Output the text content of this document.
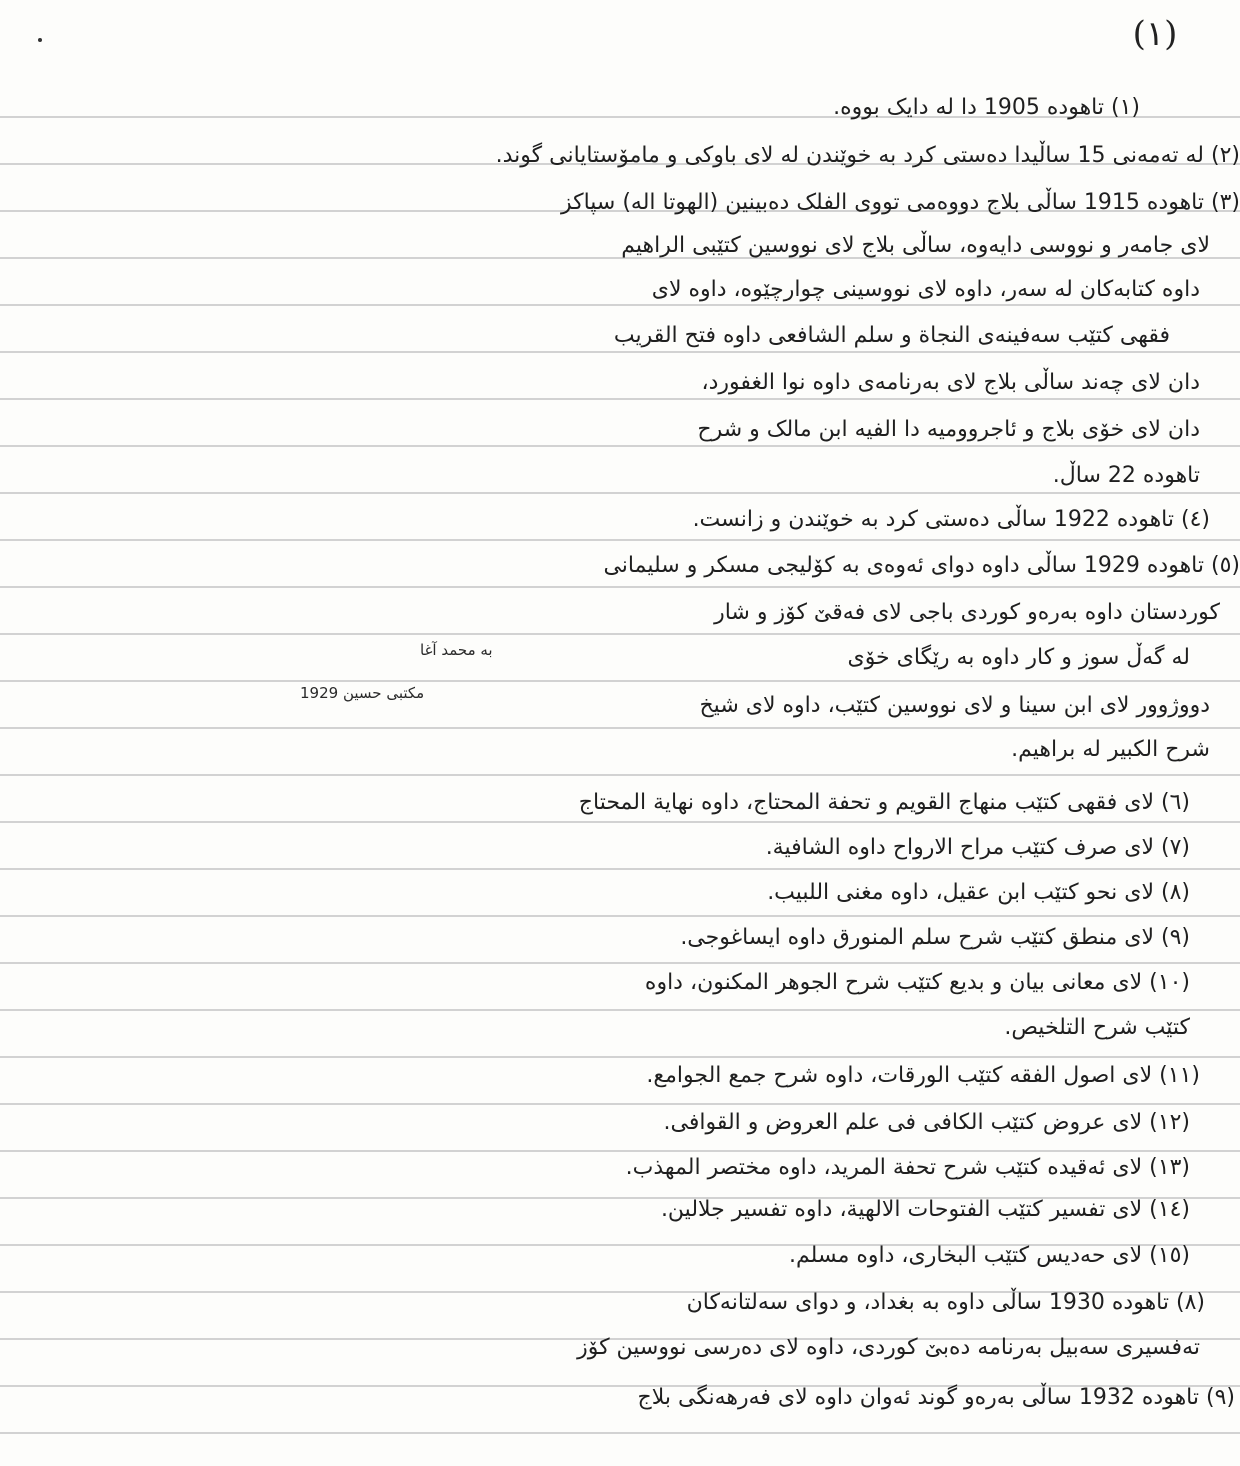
(١)
(١) تاهودە 1905 دا لە دایک بووە.
(٢) لە تەمەنی 15 ساڵیدا دەستی کرد بە خوێندن لە لای باوکی و مامۆستایانی گوند.
(٣) تاهودە 1915 ساڵی بلاج دووەمی تووی الفلک دەبینین (الهوتا الە) سپاکز
لای جامەر و نووسی دایەوە، ساڵی بلاج لای نووسین کتێبی الراهیم
داوە کتابەکان لە سەر، داوە لای نووسینی چوارچێوە، داوە لای
فقهی کتێب سەفینەی النجاة و سلم الشافعی داوە فتح القریب
دان لای چەند ساڵی بلاج لای بەرنامەی داوە نوا الغفورد،
دان لای خۆی بلاج و ئاجروومیە دا الفیە ابن مالک و شرح
تاهودە 22 ساڵ.
(٤) تاهودە 1922 ساڵی دەستی کرد بە خوێندن و زانست.
(٥) تاهودە 1929 ساڵی داوە دوای ئەوەی بە کۆلیجی مسکر و سلیمانی
کوردستان داوە بەرەو کوردی باجی لای فەقێ کۆز و شار
لە گەڵ سوز و کار داوە بە رێگای خۆی
دووژوور لای ابن سینا و لای نووسین کتێب، داوە لای شیخ
شرح الکبیر لە براهیم.
(٦) لای فقهی کتێب منهاج القویم و تحفة المحتاج، داوە نهایة المحتاج
(٧) لای صرف کتێب مراح الارواح داوە الشافیة.
(٨) لای نحو کتێب ابن عقیل، داوە مغنی اللبیب.
(٩) لای منطق کتێب شرح سلم المنورق داوە ایساغوجی.
(١٠) لای معانی بیان و بدیع کتێب شرح الجوهر المکنون، داوە
کتێب شرح التلخیص.
(١١) لای اصول الفقه کتێب الورقات، داوە شرح جمع الجوامع.
(١٢) لای عروض کتێب الکافی فی علم العروض و القوافی.
(١٣) لای ئەقیدە کتێب شرح تحفة المرید، داوە مختصر المهذب.
(١٤) لای تفسیر کتێب الفتوحات الالهیة، داوە تفسیر جلالین.
(١٥) لای حەدیس کتێب البخاری، داوە مسلم.
(٨) تاهودە 1930 ساڵی داوە بە بغداد، و دوای سەلتانەکان
تەفسیری سەبیل بەرنامە دەبێ کوردی، داوە لای دەرسی نووسین کۆز
(٩) تاهودە 1932 ساڵی بەرەو گوند ئەوان داوە لای فەرهەنگی بلاج
بە محمد آغا
مکتبی حسین 1929
